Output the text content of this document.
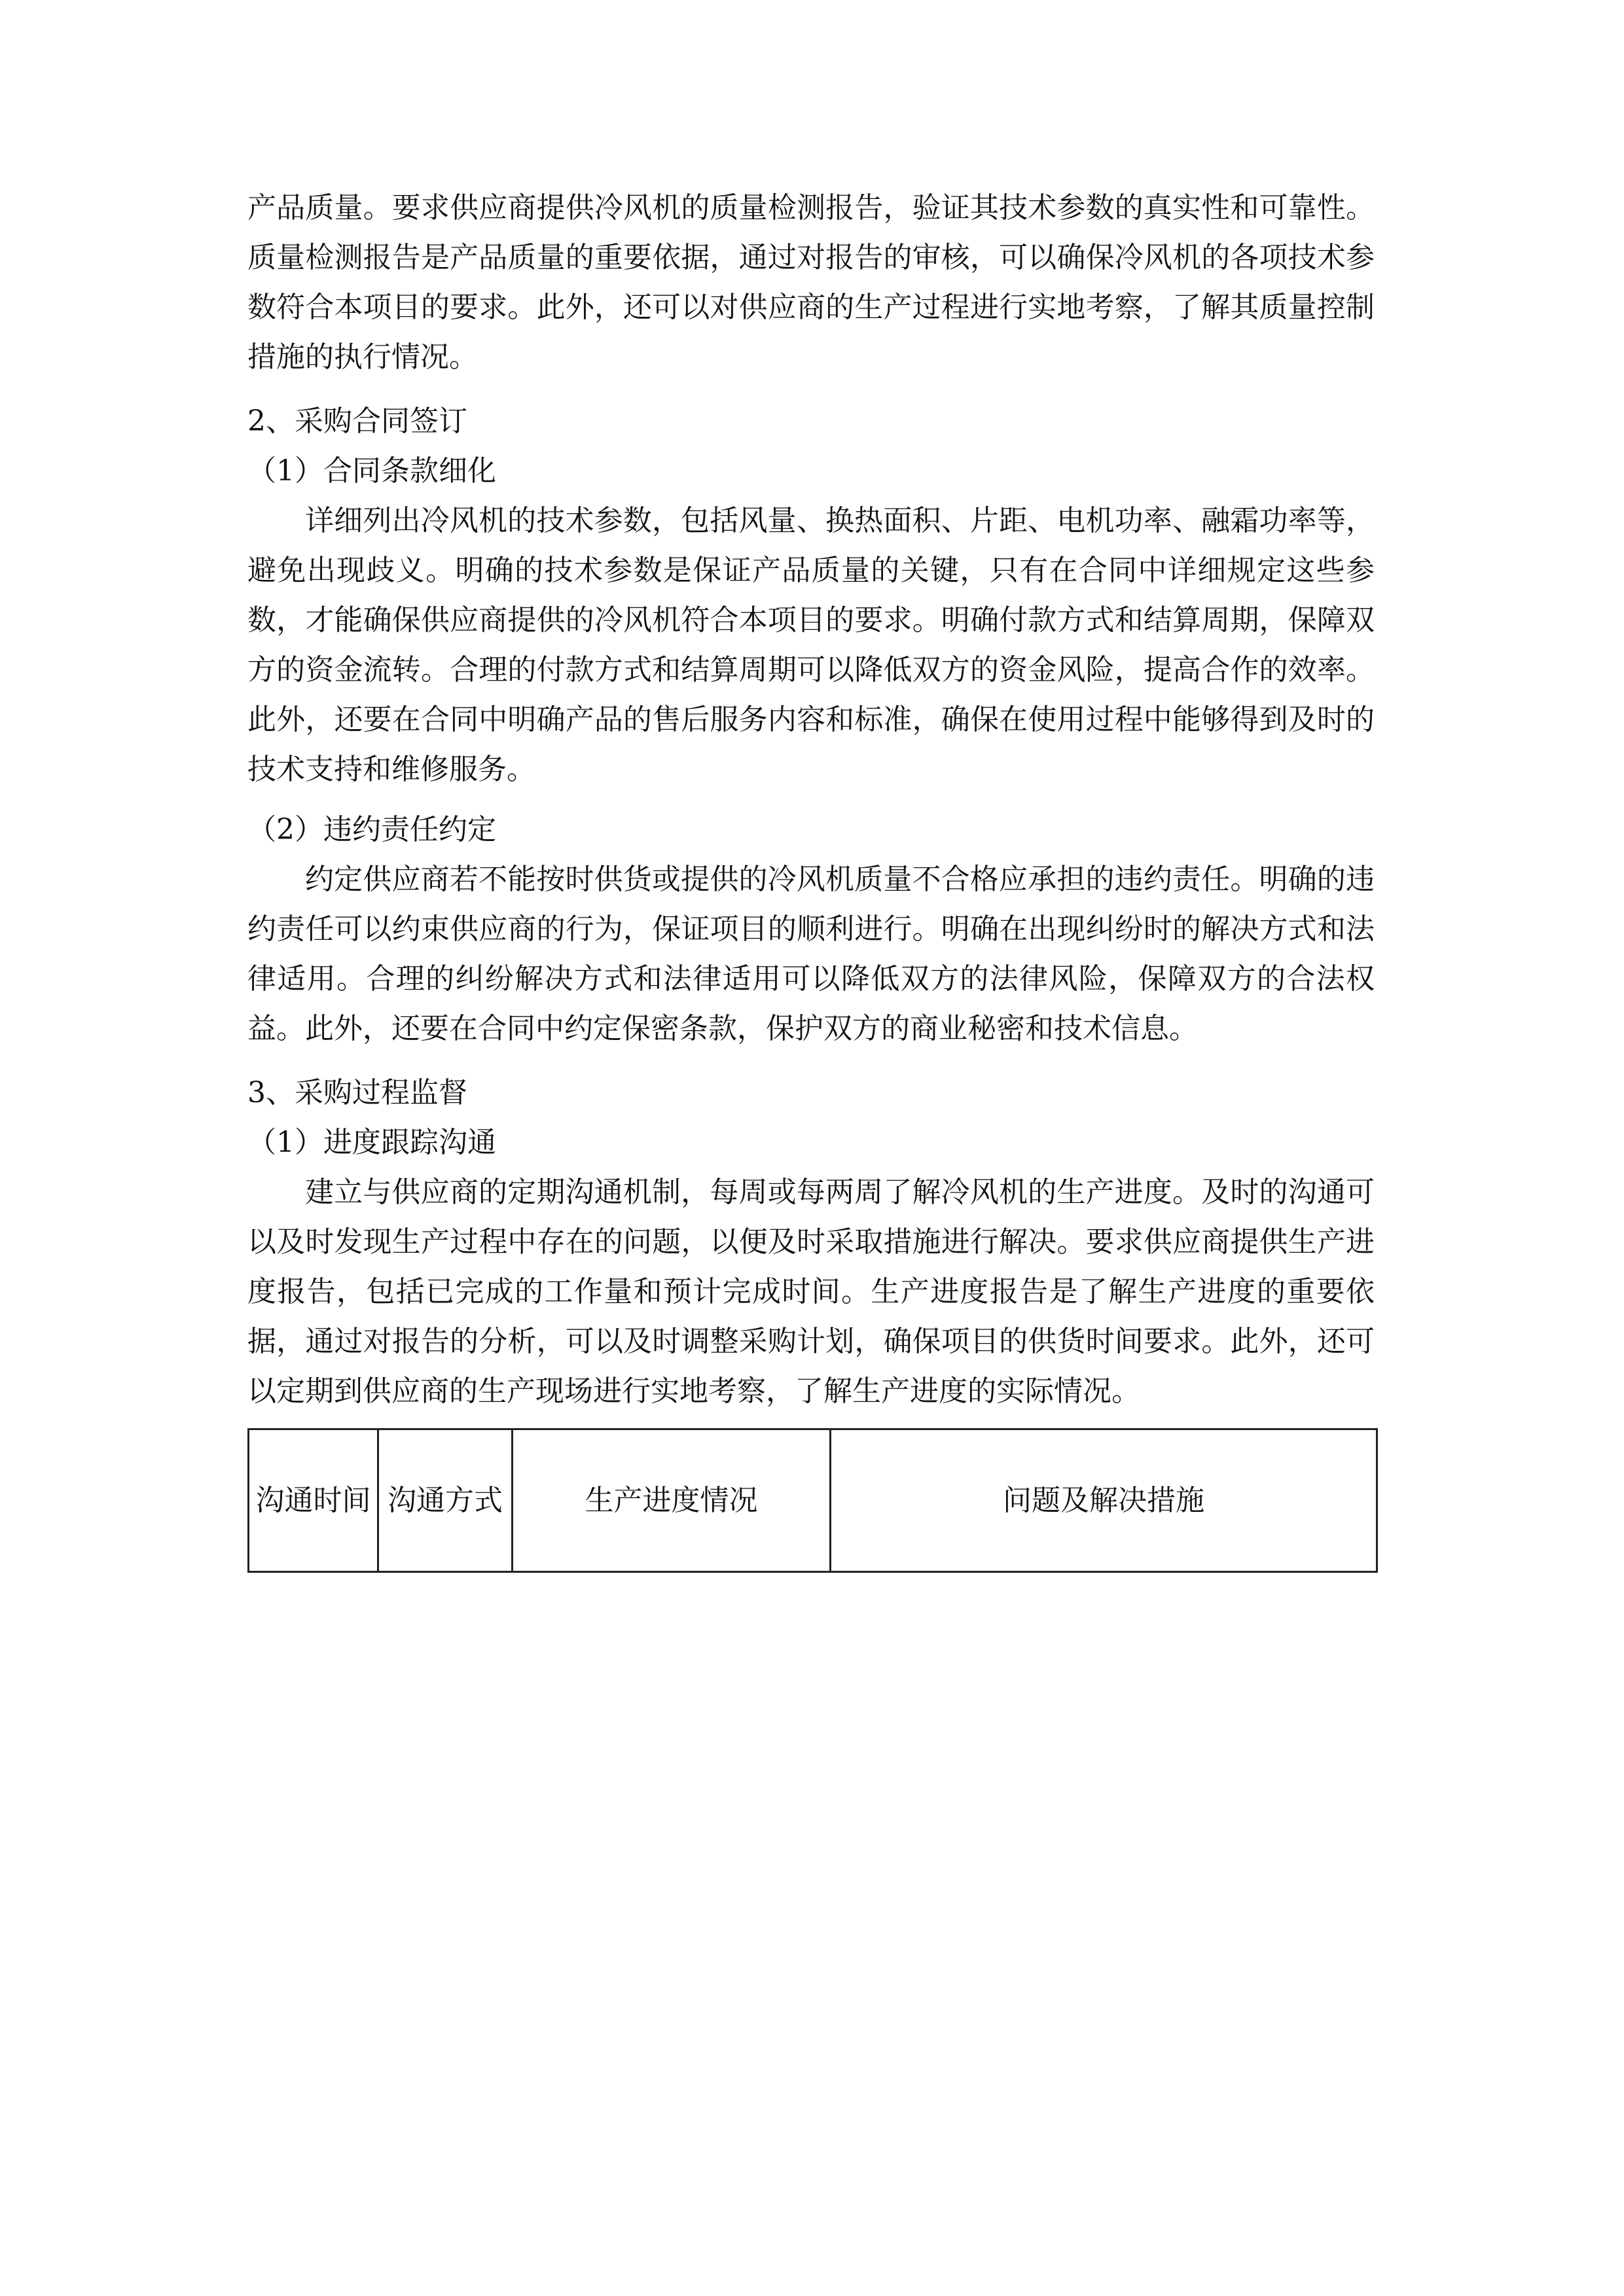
产品质量。要求供应商提供冷风机的质量检测报告，验证其技术参数的真实性和可靠性。质量检测报告是产品质量的重要依据，通过对报告的审核，可以确保冷风机的各项技术参数符合本项目的要求。此外，还可以对供应商的生产过程进行实地考察，了解其质量控制措施的执行情况。

2、采购合同签订

（1）合同条款细化

详细列出冷风机的技术参数，包括风量、换热面积、片距、电机功率、融霜功率等，避免出现歧义。明确的技术参数是保证产品质量的关键，只有在合同中详细规定这些参数，才能确保供应商提供的冷风机符合本项目的要求。明确付款方式和结算周期，保障双方的资金流转。合理的付款方式和结算周期可以降低双方的资金风险，提高合作的效率。此外，还要在合同中明确产品的售后服务内容和标准，确保在使用过程中能够得到及时的技术支持和维修服务。

（2）违约责任约定

约定供应商若不能按时供货或提供的冷风机质量不合格应承担的违约责任。明确的违约责任可以约束供应商的行为，保证项目的顺利进行。明确在出现纠纷时的解决方式和法律适用。合理的纠纷解决方式和法律适用可以降低双方的法律风险，保障双方的合法权益。此外，还要在合同中约定保密条款，保护双方的商业秘密和技术信息。

3、采购过程监督

（1）进度跟踪沟通

建立与供应商的定期沟通机制，每周或每两周了解冷风机的生产进度。及时的沟通可以及时发现生产过程中存在的问题，以便及时采取措施进行解决。要求供应商提供生产进度报告，包括已完成的工作量和预计完成时间。生产进度报告是了解生产进度的重要依据，通过对报告的分析，可以及时调整采购计划，确保项目的供货时间要求。此外，还可以定期到供应商的生产现场进行实地考察，了解生产进度的实际情况。

沟通时间	沟通方式	生产进度情况	问题及解决措施
